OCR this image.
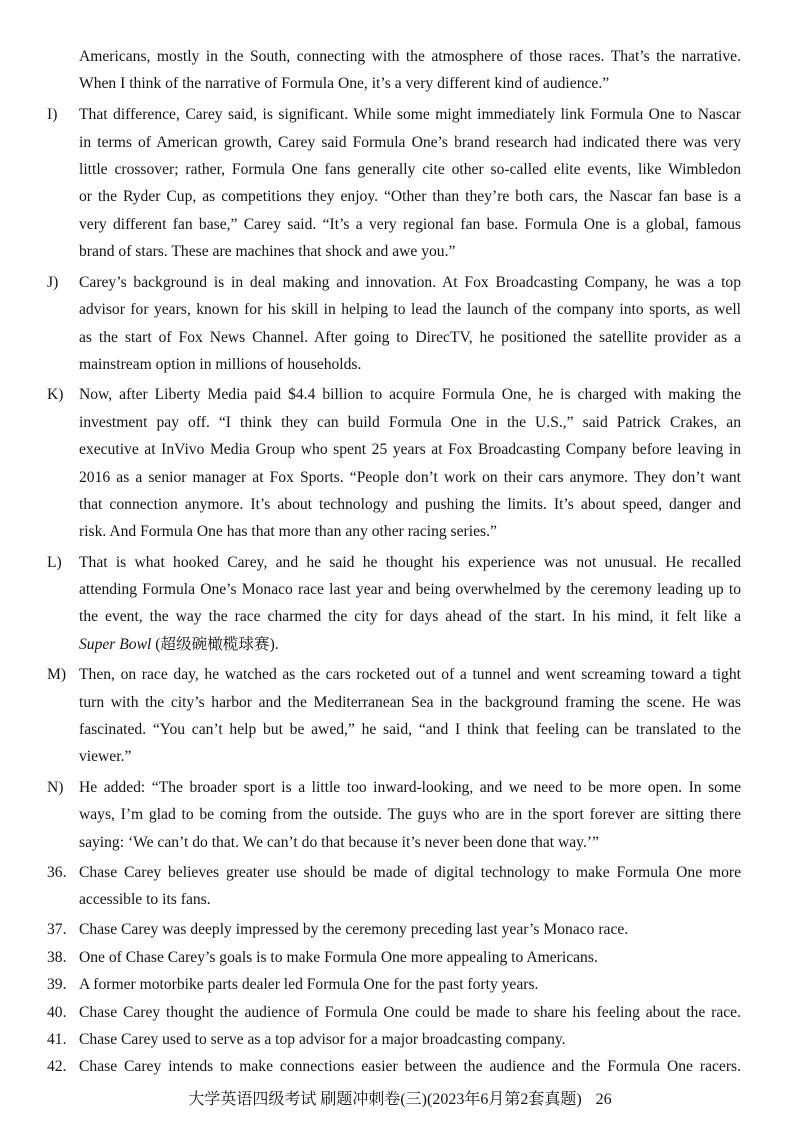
Americans, mostly in the South, connecting with the atmosphere of those races. That’s the narrative.
When I think of the narrative of Formula One, it’s a very different kind of audience.”
I)	That difference, Carey said, is significant. While some might immediately link Formula One to Nascar
in terms of American growth, Carey said Formula One’s brand research had indicated there was very
little crossover; rather, Formula One fans generally cite other so-called elite events, like Wimbledon
or the Ryder Cup, as competitions they enjoy. “Other than they’re both cars, the Nascar fan base is a
very different fan base,” Carey said. “It’s a very regional fan base. Formula One is a global, famous
brand of stars. These are machines that shock and awe you.”
J)	Carey’s background is in deal making and innovation. At Fox Broadcasting Company, he was a top
advisor for years, known for his skill in helping to lead the launch of the company into sports, as well
as the start of Fox News Channel. After going to DirecTV, he positioned the satellite provider as a
mainstream option in millions of households.
K) Now, after Liberty Media paid $4.4 billion to acquire Formula One, he is charged with making the
investment pay off. “I think they can build Formula One in the U.S.,” said Patrick Crakes, an
executive at InVivo Media Group who spent 25 years at Fox Broadcasting Company before leaving in
2016 as a senior manager at Fox Sports. “People don’t work on their cars anymore. They don’t want
that connection anymore. It’s about technology and pushing the limits. It’s about speed, danger and
risk. And Formula One has that more than any other racing series.”
L)	That is what hooked Carey, and he said he thought his experience was not unusual. He recalled
attending Formula One’s Monaco race last year and being overwhelmed by the ceremony leading up to
the event, the way the race charmed the city for days ahead of the start. In his mind, it felt like a
Super Bowl (超级碗橄榄球赛).
M) Then, on race day, he watched as the cars rocketed out of a tunnel and went screaming toward a tight
turn with the city’s harbor and the Mediterranean Sea in the background framing the scene. He was
fascinated. “You can’t help but be awed,” he said, “and I think that feeling can be translated to the
viewer.”
N) He added: “The broader sport is a little too inward-looking, and we need to be more open. In some
ways, I’m glad to be coming from the outside. The guys who are in the sport forever are sitting there
saying: ‘We can’t do that. We can’t do that because it’s never been done that way.’”
36. Chase Carey believes greater use should be made of digital technology to make Formula One more
accessible to its fans.
37. Chase Carey was deeply impressed by the ceremony preceding last year’s Monaco race.
38. One of Chase Carey’s goals is to make Formula One more appealing to Americans.
39. A former motorbike parts dealer led Formula One for the past forty years.
40. Chase Carey thought the audience of Formula One could be made to share his feeling about the race.
41. Chase Carey used to serve as a top advisor for a major broadcasting company.
42. Chase Carey intends to make connections easier between the audience and the Formula One racers.
大学英语四级考试 刷题冲刺卷(三)(2023年6月第2套真题) 26
